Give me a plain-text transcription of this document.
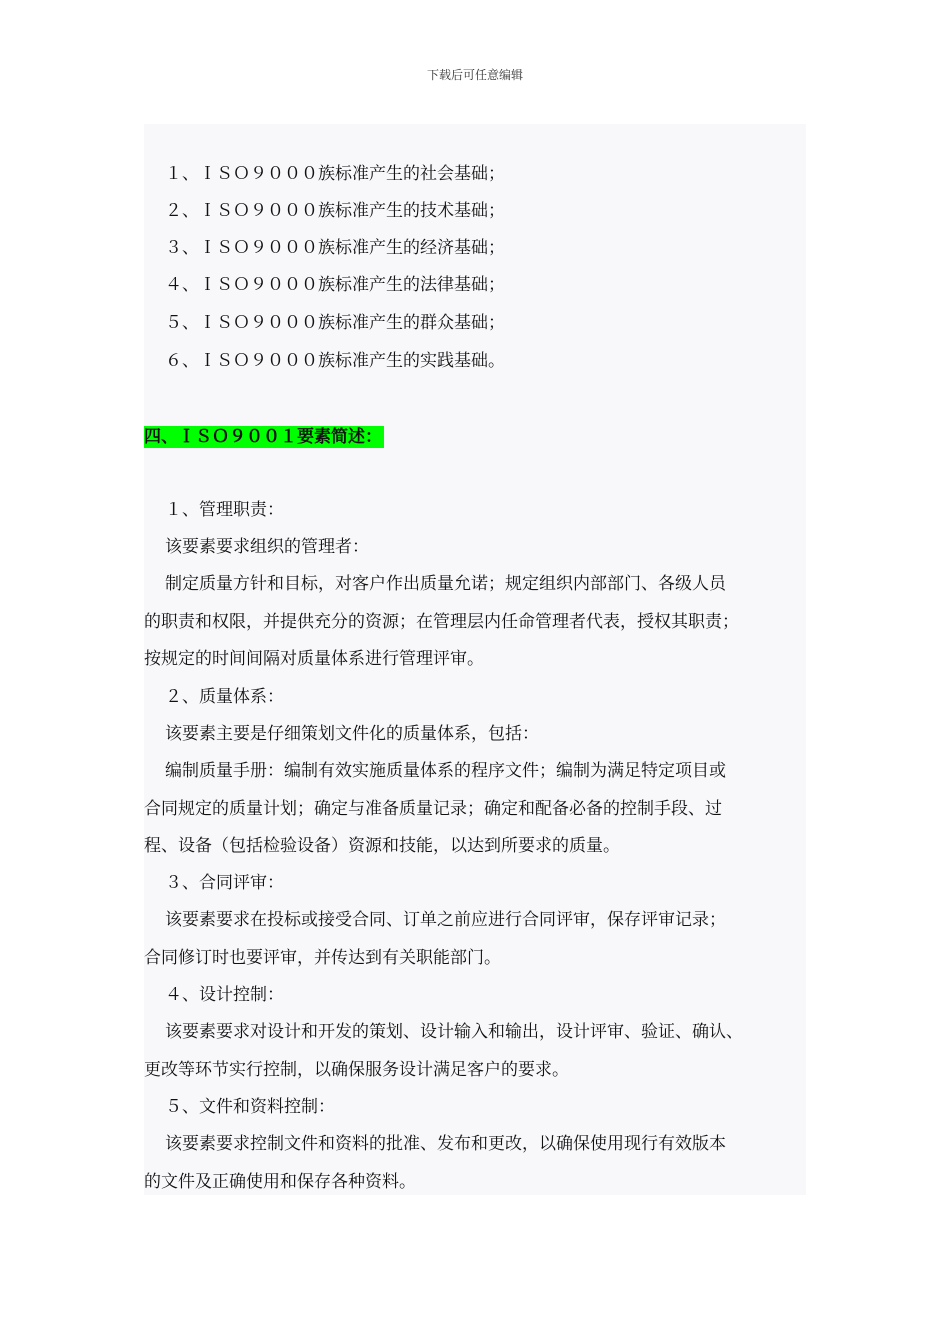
下载后可任意编辑
１、ＩＳＯ９０００族标准产生的社会基础；
２、ＩＳＯ９０００族标准产生的技术基础；
３、ＩＳＯ９０００族标准产生的经济基础；
４、ＩＳＯ９０００族标准产生的法律基础；
５、ＩＳＯ９０００族标准产生的群众基础；
６、ＩＳＯ９０００族标准产生的实践基础。
四、ＩＳＯ９００１要素简述：
１、管理职责：
该要素要求组织的管理者：
制定质量方针和目标，对客户作出质量允诺；规定组织内部部门、各级人员
的职责和权限，并提供充分的资源；在管理层内任命管理者代表，授权其职责；
按规定的时间间隔对质量体系进行管理评审。
２、质量体系：
该要素主要是仔细策划文件化的质量体系，包括：
编制质量手册：编制有效实施质量体系的程序文件；编制为满足特定项目或
合同规定的质量计划；确定与准备质量记录；确定和配备必备的控制手段、过
程、设备（包括检验设备）资源和技能，以达到所要求的质量。
３、合同评审：
该要素要求在投标或接受合同、订单之前应进行合同评审，保存评审记录；
合同修订时也要评审，并传达到有关职能部门。
４、设计控制：
该要素要求对设计和开发的策划、设计输入和输出，设计评审、验证、确认、
更改等环节实行控制，以确保服务设计满足客户的要求。
５、文件和资料控制：
该要素要求控制文件和资料的批准、发布和更改，以确保使用现行有效版本
的文件及正确使用和保存各种资料。
